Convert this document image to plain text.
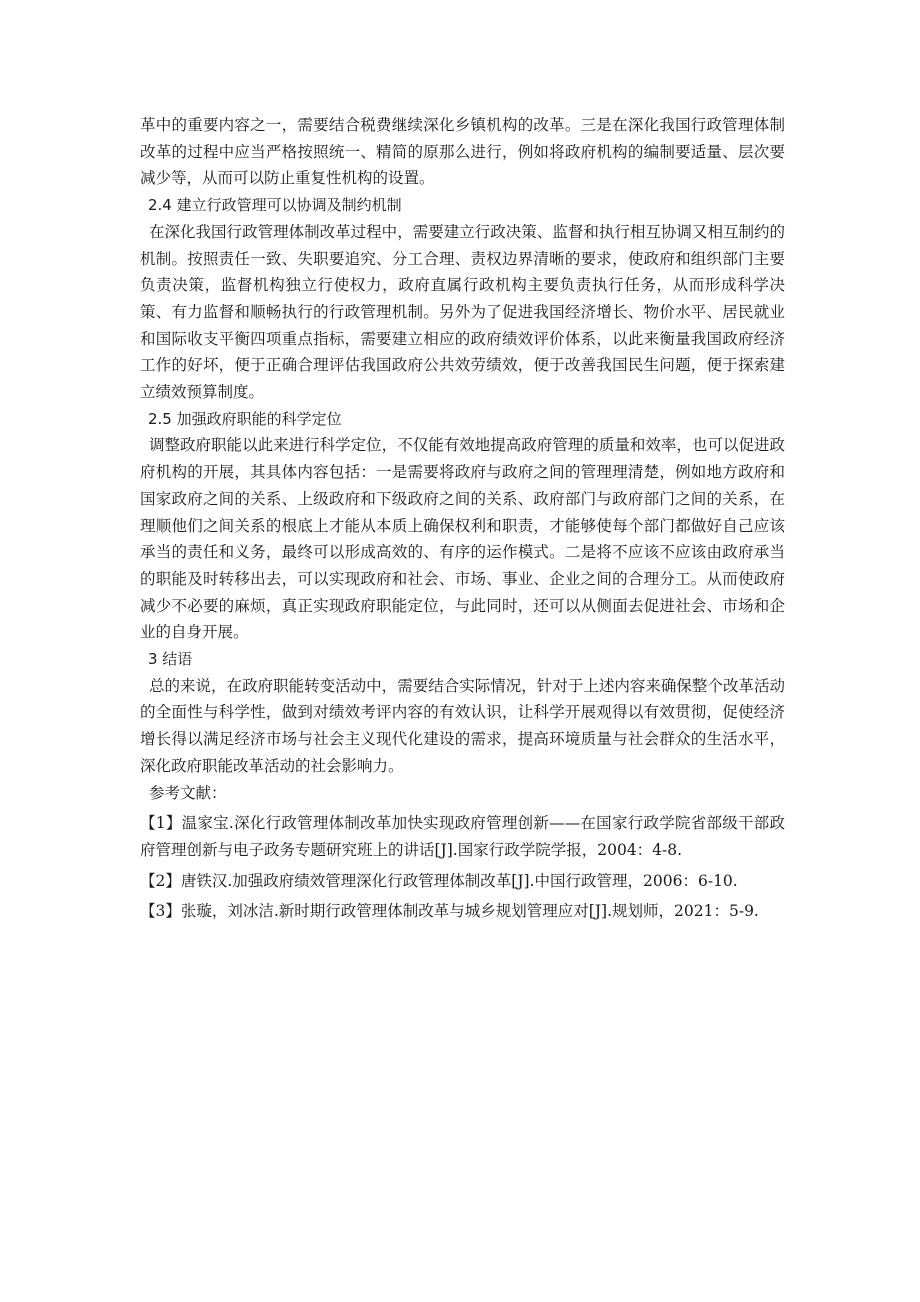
革中的重要内容之一，需要结合税费继续深化乡镇机构的改革。三是在深化我国行政管理体制改革的过程中应当严格按照统一、精简的原那么进行，例如将政府机构的编制要适量、层次要减少等，从而可以防止重复性机构的设置。

2.4 建立行政管理可以协调及制约机制

在深化我国行政管理体制改革过程中，需要建立行政决策、监督和执行相互协调又相互制约的机制。按照责任一致、失职要追究、分工合理、责权边界清晰的要求，使政府和组织部门主要负责决策，监督机构独立行使权力，政府直属行政机构主要负责执行任务，从而形成科学决策、有力监督和顺畅执行的行政管理机制。另外为了促进我国经济增长、物价水平、居民就业和国际收支平衡四项重点指标，需要建立相应的政府绩效评价体系，以此来衡量我国政府经济工作的好坏，便于正确合理评估我国政府公共效劳绩效，便于改善我国民生问题，便于探索建立绩效预算制度。

2.5 加强政府职能的科学定位

调整政府职能以此来进行科学定位，不仅能有效地提高政府管理的质量和效率，也可以促进政府机构的开展，其具体内容包括：一是需要将政府与政府之间的管理理清楚，例如地方政府和国家政府之间的关系、上级政府和下级政府之间的关系、政府部门与政府部门之间的关系，在理顺他们之间关系的根底上才能从本质上确保权利和职责，才能够使每个部门都做好自己应该承当的责任和义务，最终可以形成高效的、有序的运作模式。二是将不应该不应该由政府承当的职能及时转移出去，可以实现政府和社会、市场、事业、企业之间的合理分工。从而使政府减少不必要的麻烦，真正实现政府职能定位，与此同时，还可以从侧面去促进社会、市场和企业的自身开展。

3 结语

总的来说，在政府职能转变活动中，需要结合实际情况，针对于上述内容来确保整个改革活动的全面性与科学性，做到对绩效考评内容的有效认识，让科学开展观得以有效贯彻，促使经济增长得以满足经济市场与社会主义现代化建设的需求，提高环境质量与社会群众的生活水平，深化政府职能改革活动的社会影响力。

参考文献：

【1】温家宝.深化行政管理体制改革加快实现政府管理创新——在国家行政学院省部级干部政府管理创新与电子政务专题研究班上的讲话[J].国家行政学院学报，2004：4-8.

【2】唐铁汉.加强政府绩效管理深化行政管理体制改革[J].中国行政管理，2006：6-10.

【3】张璇，刘冰洁.新时期行政管理体制改革与城乡规划管理应对[J].规划师，2021：5-9.
